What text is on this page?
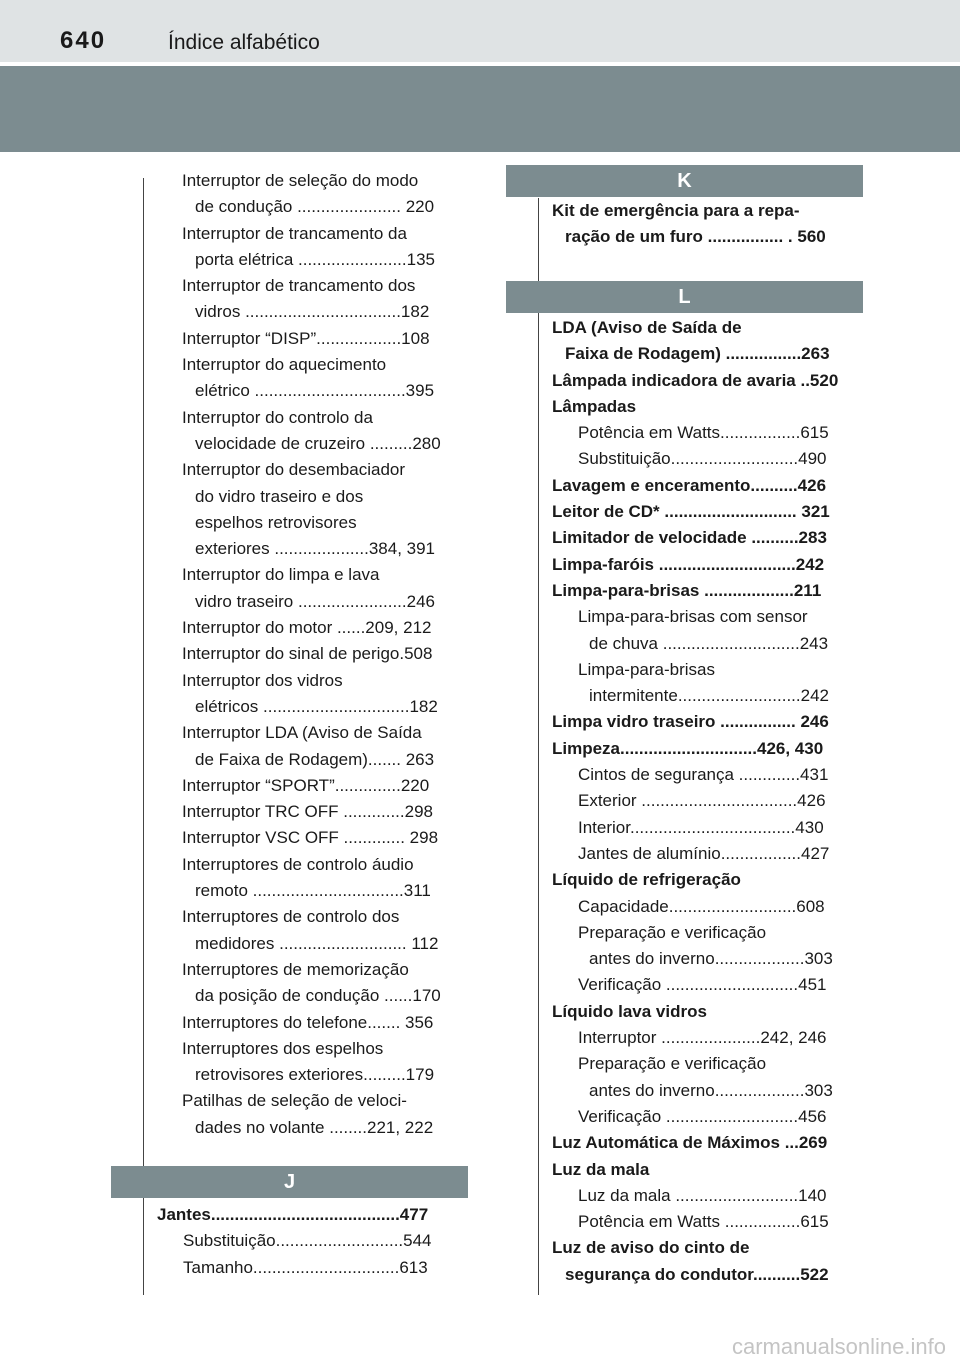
640	Índice alfabético
Interruptor de seleção do modo
de condução ...................... 220
Interruptor de trancamento da
porta elétrica .......................135
Interruptor de trancamento dos
vidros .................................182
Interruptor “DISP”..................108
Interruptor do aquecimento
elétrico ................................395
Interruptor do controlo da
velocidade de cruzeiro .........280
Interruptor do desembaciador
do vidro traseiro e dos
espelhos retrovisores
exteriores ....................384, 391
Interruptor do limpa e lava
vidro traseiro .......................246
Interruptor do motor ......209, 212
Interruptor do sinal de perigo.508
Interruptor dos vidros
elétricos ...............................182
Interruptor LDA (Aviso de Saída
de Faixa de Rodagem)....... 263
Interruptor “SPORT”..............220
Interruptor TRC OFF .............298
Interruptor VSC OFF ............. 298
Interruptores de controlo áudio
remoto ................................311
Interruptores de controlo dos
medidores ........................... 112
Interruptores de memorização
da posição de condução ......170
Interruptores do telefone....... 356
Interruptores dos espelhos
retrovisores exteriores.........179
Patilhas de seleção de veloci-
dades no volante ........221, 222
J
Jantes........................................477
Substituição...........................544
Tamanho...............................613
K
Kit de emergência para a repa-
ração de um furo ................ . 560
L
LDA (Aviso de Saída de
Faixa de Rodagem) ................263
Lâmpada indicadora de avaria ..520
Lâmpadas
Potência em Watts.................615
Substituição...........................490
Lavagem e enceramento..........426
Leitor de CD* ............................ 321
Limitador de velocidade ..........283
Limpa-faróis .............................242
Limpa-para-brisas ...................211
Limpa-para-brisas com sensor
de chuva .............................243
Limpa-para-brisas
intermitente..........................242
Limpa vidro traseiro ................ 246
Limpeza.............................426, 430
Cintos de segurança .............431
Exterior .................................426
Interior...................................430
Jantes de alumínio.................427
Líquido de refrigeração
Capacidade...........................608
Preparação e verificação
antes do inverno...................303
Verificação ............................451
Líquido lava vidros
Interruptor .....................242, 246
Preparação e verificação
antes do inverno...................303
Verificação ............................456
Luz Automática de Máximos ...269
Luz da mala
Luz da mala ..........................140
Potência em Watts ................615
Luz de aviso do cinto de
segurança do condutor..........522
carmanualsonline.info
